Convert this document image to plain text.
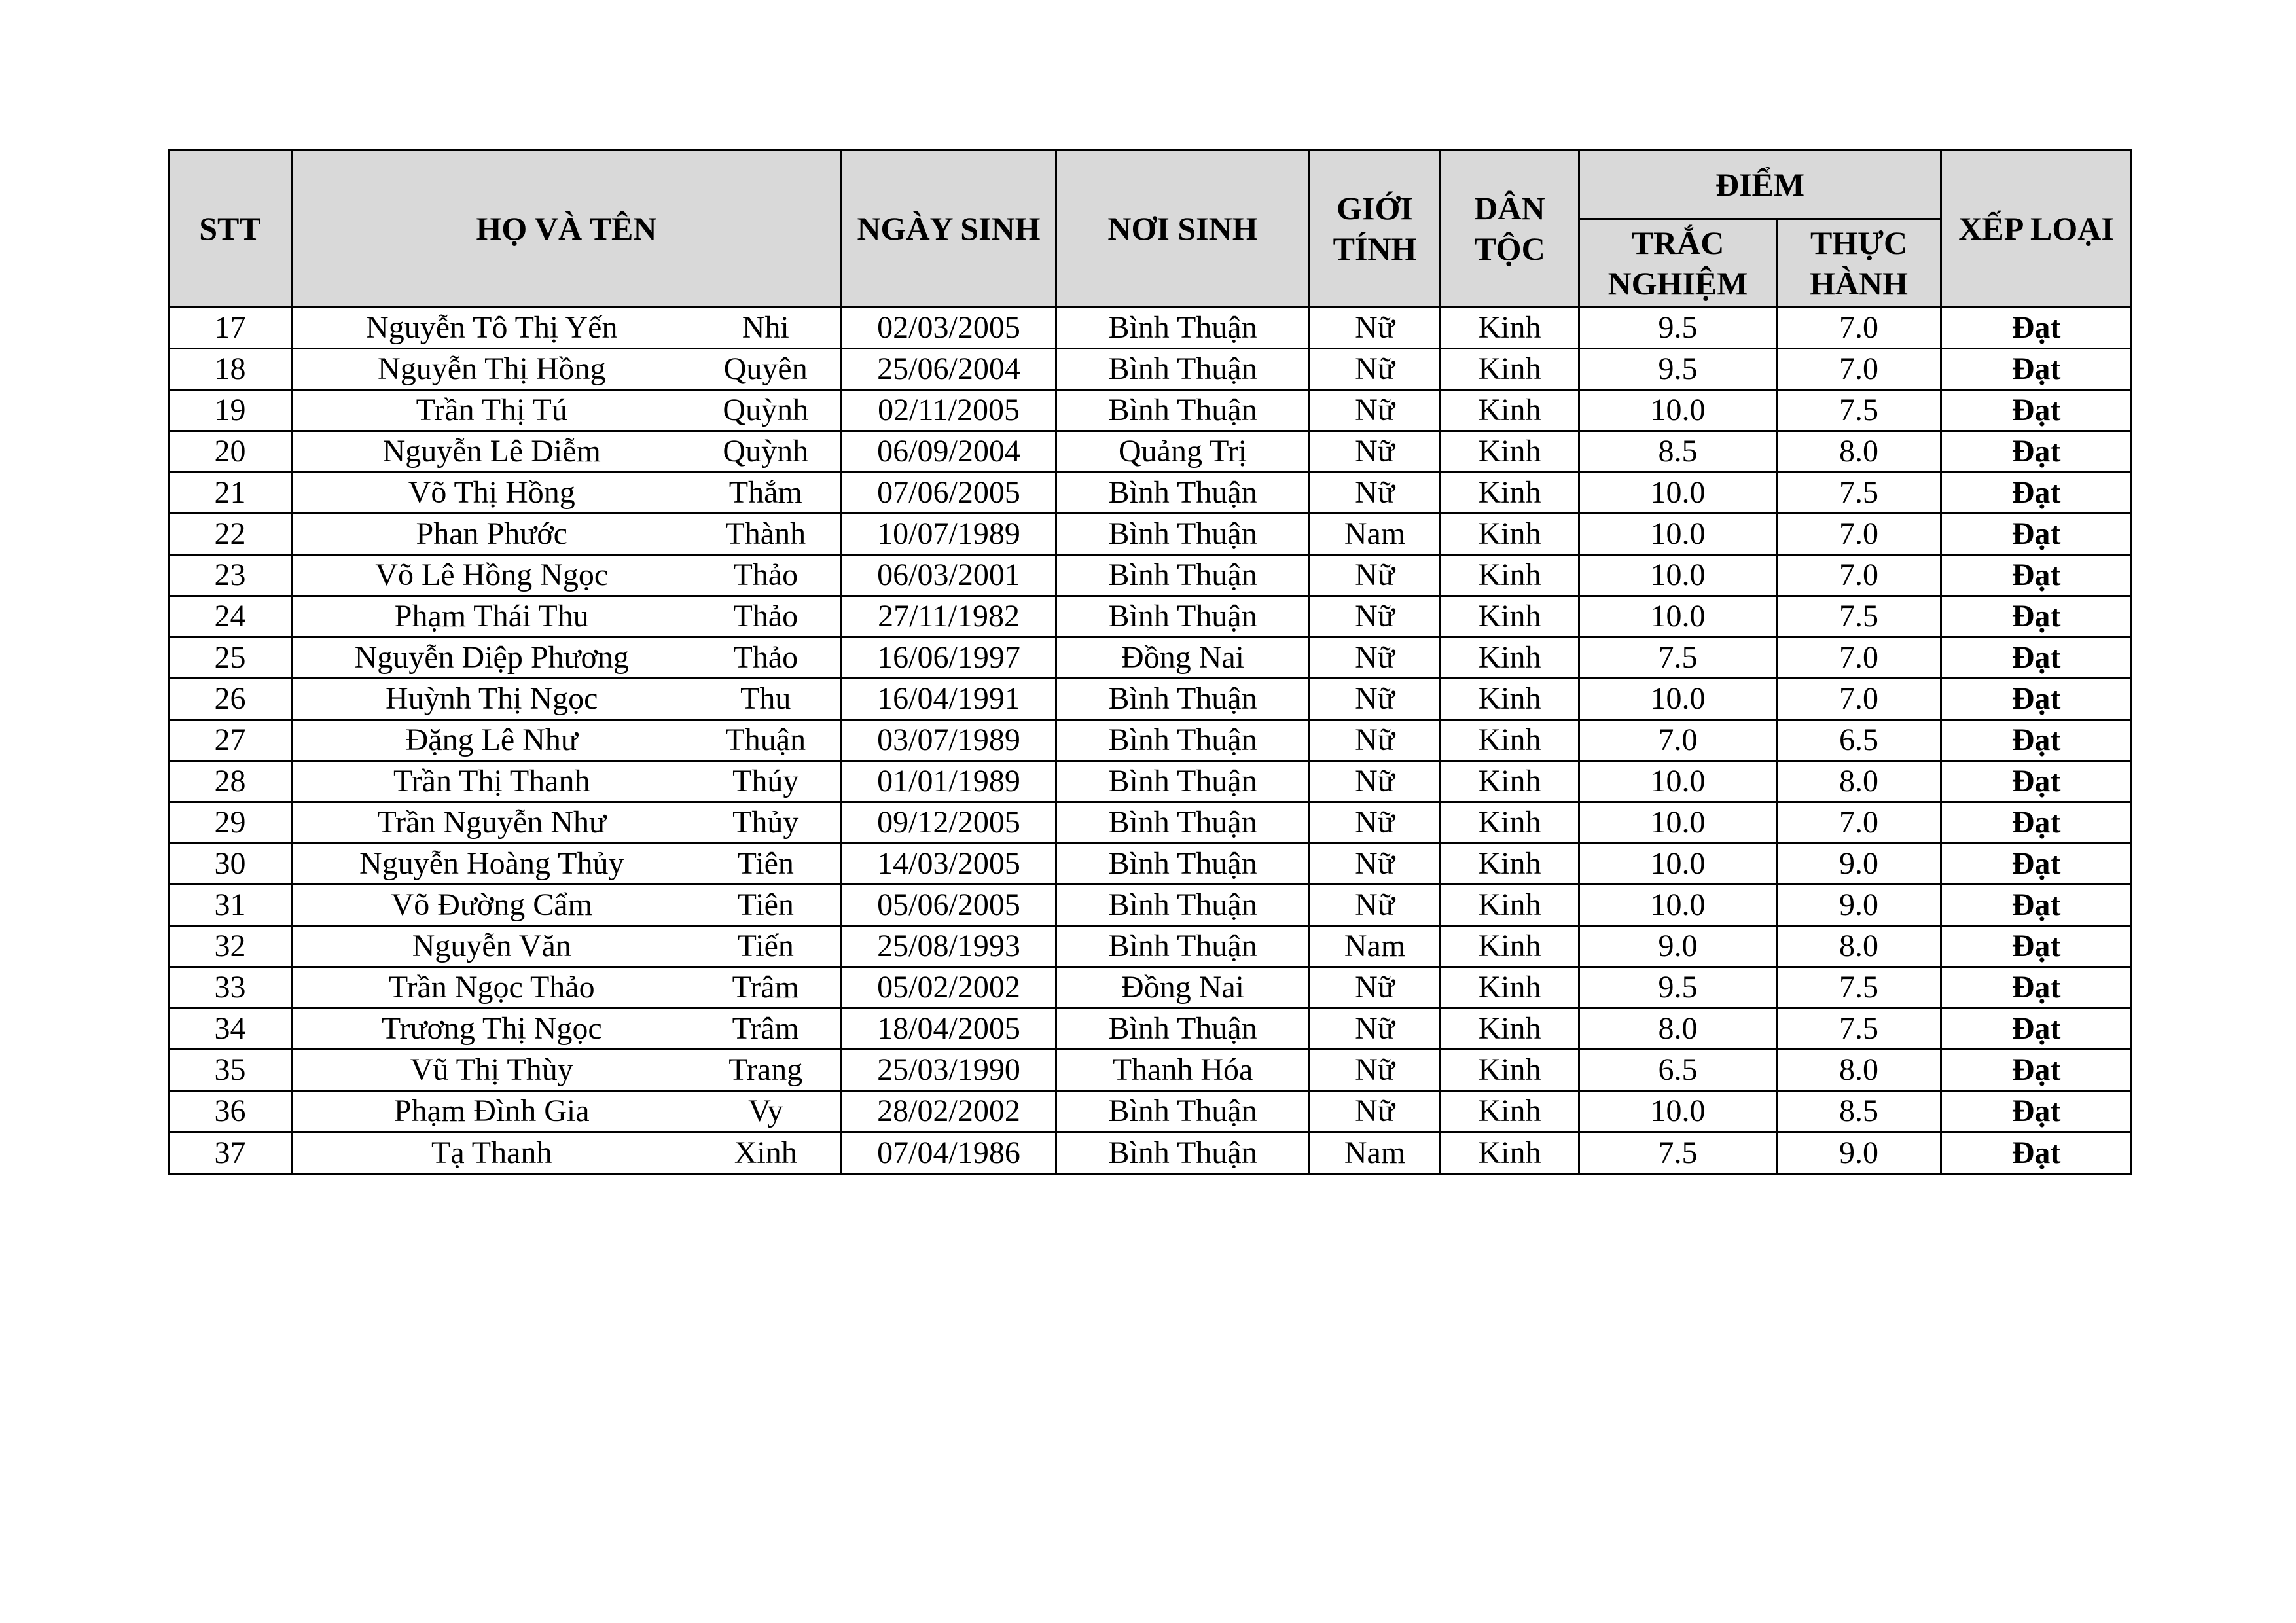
STT	HỌ VÀ TÊN		NGÀY SINH	NƠI SINH	GIỚI TÍNH	DÂN TỘC	ĐIỂM		XẾP LOẠI
							TRẮC NGHIỆM	THỰC HÀNH	
17	Nguyễn Tô Thị Yến	Nhi	02/03/2005	Bình Thuận	Nữ	Kinh	9.5	7.0	Đạt
18	Nguyễn Thị Hồng	Quyên	25/06/2004	Bình Thuận	Nữ	Kinh	9.5	7.0	Đạt
19	Trần Thị Tú	Quỳnh	02/11/2005	Bình Thuận	Nữ	Kinh	10.0	7.5	Đạt
20	Nguyễn Lê Diễm	Quỳnh	06/09/2004	Quảng Trị	Nữ	Kinh	8.5	8.0	Đạt
21	Võ Thị Hồng	Thắm	07/06/2005	Bình Thuận	Nữ	Kinh	10.0	7.5	Đạt
22	Phan Phước	Thành	10/07/1989	Bình Thuận	Nam	Kinh	10.0	7.0	Đạt
23	Võ Lê Hồng Ngọc	Thảo	06/03/2001	Bình Thuận	Nữ	Kinh	10.0	7.0	Đạt
24	Phạm Thái Thu	Thảo	27/11/1982	Bình Thuận	Nữ	Kinh	10.0	7.5	Đạt
25	Nguyễn Diệp Phương	Thảo	16/06/1997	Đồng Nai	Nữ	Kinh	7.5	7.0	Đạt
26	Huỳnh Thị Ngọc	Thu	16/04/1991	Bình Thuận	Nữ	Kinh	10.0	7.0	Đạt
27	Đặng Lê Như	Thuận	03/07/1989	Bình Thuận	Nữ	Kinh	7.0	6.5	Đạt
28	Trần Thị Thanh	Thúy	01/01/1989	Bình Thuận	Nữ	Kinh	10.0	8.0	Đạt
29	Trần Nguyễn Như	Thủy	09/12/2005	Bình Thuận	Nữ	Kinh	10.0	7.0	Đạt
30	Nguyễn Hoàng Thủy	Tiên	14/03/2005	Bình Thuận	Nữ	Kinh	10.0	9.0	Đạt
31	Võ Đường Cẩm	Tiên	05/06/2005	Bình Thuận	Nữ	Kinh	10.0	9.0	Đạt
32	Nguyễn Văn	Tiến	25/08/1993	Bình Thuận	Nam	Kinh	9.0	8.0	Đạt
33	Trần Ngọc Thảo	Trâm	05/02/2002	Đồng Nai	Nữ	Kinh	9.5	7.5	Đạt
34	Trương Thị Ngọc	Trâm	18/04/2005	Bình Thuận	Nữ	Kinh	8.0	7.5	Đạt
35	Vũ Thị Thùy	Trang	25/03/1990	Thanh Hóa	Nữ	Kinh	6.5	8.0	Đạt
36	Phạm Đình Gia	Vy	28/02/2002	Bình Thuận	Nữ	Kinh	10.0	8.5	Đạt
37	Tạ Thanh	Xinh	07/04/1986	Bình Thuận	Nam	Kinh	7.5	9.0	Đạt
